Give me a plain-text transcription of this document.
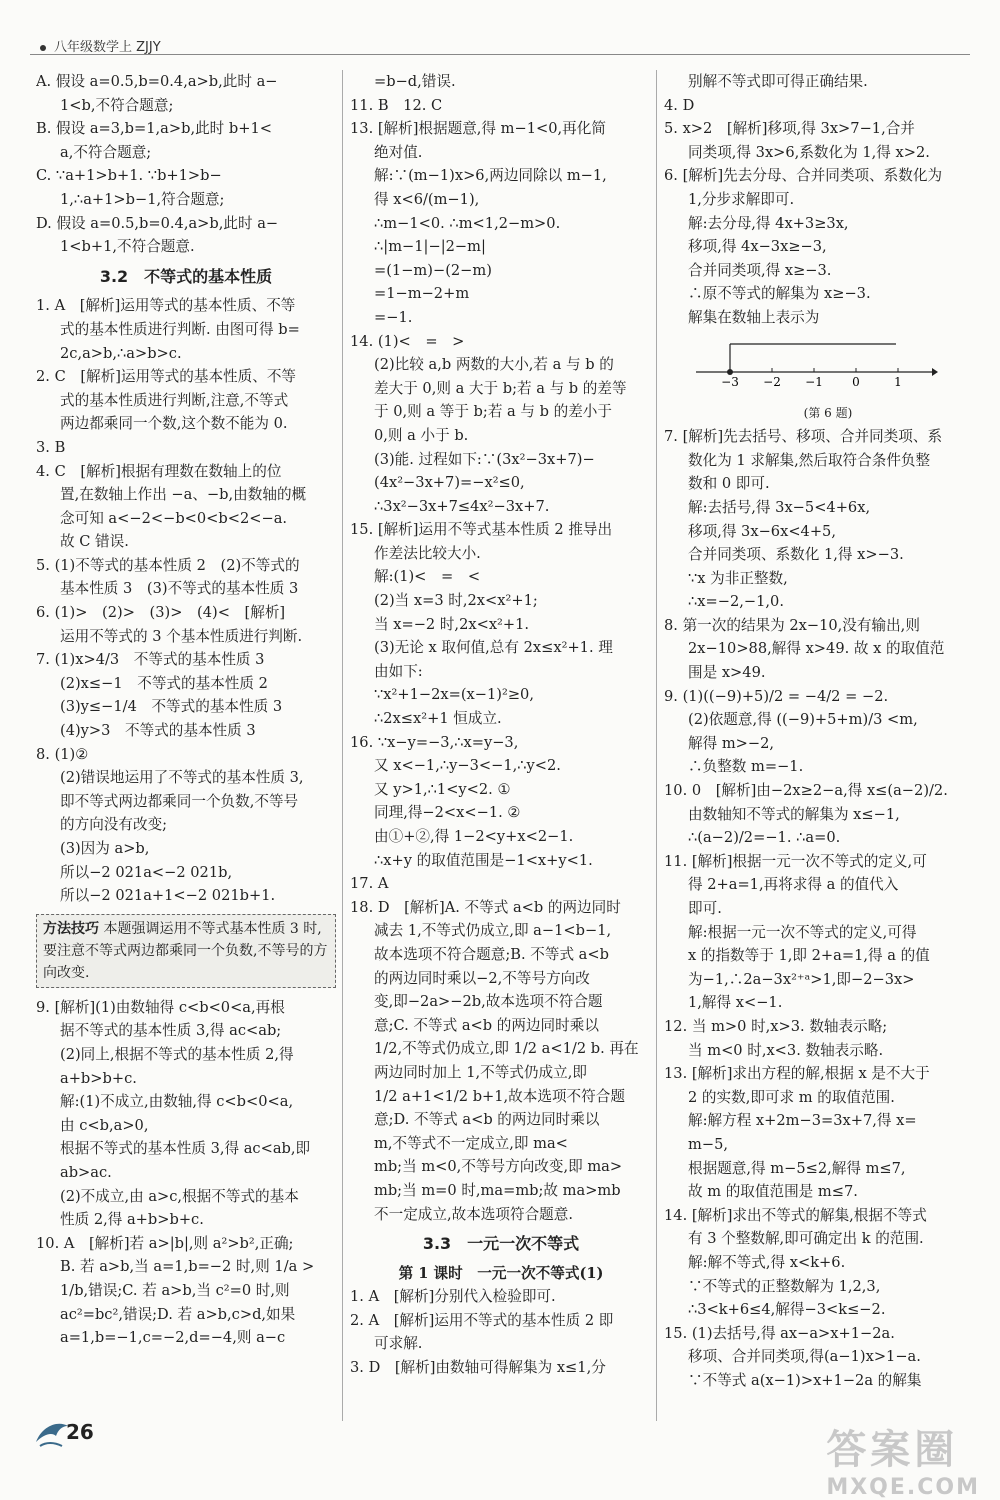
八年级数学上 ZJJY
A. 假设 a=0.5,b=0.4,a>b,此时 a−
1<b,不符合题意;
B. 假设 a=3,b=1,a>b,此时 b+1<
a,不符合题意;
C. ∵a+1>b+1. ∵b+1>b−
1,∴a+1>b−1,符合题意;
D. 假设 a=0.5,b=0.4,a>b,此时 a−
1<b+1,不符合题意.
3.2　不等式的基本性质
1. A　[解析]运用等式的基本性质、不等
式的基本性质进行判断. 由图可得 b=
2c,a>b,∴a>b>c.
2. C　[解析]运用等式的基本性质、不等
式的基本性质进行判断,注意,不等式
两边都乘同一个数,这个数不能为 0.
3. B
4. C　[解析]根据有理数在数轴上的位
置,在数轴上作出 −a、−b,由数轴的概
念可知 a<−2<−b<0<b<2<−a.
故 C 错误.
5. (1)不等式的基本性质 2　(2)不等式的
基本性质 3　(3)不等式的基本性质 3
6. (1)>　(2)>　(3)>　(4)<　[解析]
运用不等式的 3 个基本性质进行判断.
7. (1)x>4/3　不等式的基本性质 3
(2)x≤−1　不等式的基本性质 2
(3)y≤−1/4　不等式的基本性质 3
(4)y>3　不等式的基本性质 3
8. (1)②
(2)错误地运用了不等式的基本性质 3,
即不等式两边都乘同一个负数,不等号
的方向没有改变;
(3)因为 a>b,
所以−2 021a<−2 021b,
所以−2 021a+1<−2 021b+1.
方法技巧 本题强调运用不等式基本性质 3 时,要注意不等式两边都乘同一个负数,不等号的方向改变.
9. [解析](1)由数轴得 c<b<0<a,再根
据不等式的基本性质 3,得 ac<ab;
(2)同上,根据不等式的基本性质 2,得
a+b>b+c.
解:(1)不成立,由数轴,得 c<b<0<a,
由 c<b,a>0,
根据不等式的基本性质 3,得 ac<ab,即
ab>ac.
(2)不成立,由 a>c,根据不等式的基本
性质 2,得 a+b>b+c.
10. A　[解析]若 a>|b|,则 a²>b²,正确;
B. 若 a>b,当 a=1,b=−2 时,则 1/a >
1/b,错误;C. 若 a>b,当 c²=0 时,则
ac²=bc²,错误;D. 若 a>b,c>d,如果
a=1,b=−1,c=−2,d=−4,则 a−c
=b−d,错误.
11. B　12. C
13. [解析]根据题意,得 m−1<0,再化简
绝对值.
解:∵(m−1)x>6,两边同除以 m−1,
得 x<6/(m−1),
∴m−1<0. ∴m<1,2−m>0.
∴|m−1|−|2−m|
=(1−m)−(2−m)
=1−m−2+m
=−1.
14. (1)<　=　>
(2)比较 a,b 两数的大小,若 a 与 b 的
差大于 0,则 a 大于 b;若 a 与 b 的差等
于 0,则 a 等于 b;若 a 与 b 的差小于
0,则 a 小于 b.
(3)能. 过程如下:∵(3x²−3x+7)−
(4x²−3x+7)=−x²≤0,
∴3x²−3x+7≤4x²−3x+7.
15. [解析]运用不等式基本性质 2 推导出
作差法比较大小.
解:(1)<　=　<
(2)当 x=3 时,2x<x²+1;
当 x=−2 时,2x<x²+1.
(3)无论 x 取何值,总有 2x≤x²+1. 理
由如下:
∵x²+1−2x=(x−1)²≥0,
∴2x≤x²+1 恒成立.
16. ∵x−y=−3,∴x=y−3,
又 x<−1,∴y−3<−1,∴y<2.
又 y>1,∴1<y<2. ①
同理,得−2<x<−1. ②
由①+②,得 1−2<y+x<2−1.
∴x+y 的取值范围是−1<x+y<1.
17. A
18. D　[解析]A. 不等式 a<b 的两边同时
减去 1,不等式仍成立,即 a−1<b−1,
故本选项不符合题意;B. 不等式 a<b
的两边同时乘以−2,不等号方向改
变,即−2a>−2b,故本选项不符合题
意;C. 不等式 a<b 的两边同时乘以
1/2,不等式仍成立,即 1/2 a<1/2 b. 再在
两边同时加上 1,不等式仍成立,即
1/2 a+1<1/2 b+1,故本选项不符合题
意;D. 不等式 a<b 的两边同时乘以
m,不等式不一定成立,即 ma<
mb;当 m<0,不等号方向改变,即 ma>
mb;当 m=0 时,ma=mb;故 ma>mb
不一定成立,故本选项符合题意.
3.3　一元一次不等式
第 1 课时　一元一次不等式(1)
1. A　[解析]分别代入检验即可.
2. A　[解析]运用不等式的基本性质 2 即
可求解.
3. D　[解析]由数轴可得解集为 x≤1,分
别解不等式即可得正确结果.
4. D
5. x>2　[解析]移项,得 3x>7−1,合并
同类项,得 3x>6,系数化为 1,得 x>2.
6. [解析]先去分母、合并同类项、系数化为
1,分步求解即可.
解:去分母,得 4x+3≥3x,
移项,得 4x−3x≥−3,
合并同类项,得 x≥−3.
∴原不等式的解集为 x≥−3.
解集在数轴上表示为
−3 −2 −1 0	1
(第 6 题)
7. [解析]先去括号、移项、合并同类项、系
数化为 1 求解集,然后取符合条件负整
数和 0 即可.
解:去括号,得 3x−5<4+6x,
移项,得 3x−6x<4+5,
合并同类项、系数化 1,得 x>−3.
∵x 为非正整数,
∴x=−2,−1,0.
8. 第一次的结果为 2x−10,没有输出,则
2x−10>88,解得 x>49. 故 x 的取值范
围是 x>49.
9. (1)((−9)+5)/2 = −4/2 = −2.
(2)依题意,得 ((−9)+5+m)/3 <m,
解得 m>−2,
∴负整数 m=−1.
10. 0　[解析]由−2x≥2−a,得 x≤(a−2)/2.
由数轴知不等式的解集为 x≤−1,
∴(a−2)/2=−1. ∴a=0.
11. [解析]根据一元一次不等式的定义,可
得 2+a=1,再将求得 a 的值代入
即可.
解:根据一元一次不等式的定义,可得
x 的指数等于 1,即 2+a=1,得 a 的值
为−1,∴2a−3x²⁺ᵃ>1,即−2−3x>
1,解得 x<−1.
12. 当 m>0 时,x>3. 数轴表示略;
当 m<0 时,x<3. 数轴表示略.
13. [解析]求出方程的解,根据 x 是不大于
2 的实数,即可求 m 的取值范围.
解:解方程 x+2m−3=3x+7,得 x=
m−5,
根据题意,得 m−5≤2,解得 m≤7,
故 m 的取值范围是 m≤7.
14. [解析]求出不等式的解集,根据不等式
有 3 个整数解,即可确定出 k 的范围.
解:解不等式,得 x<k+6.
∵不等式的正整数解为 1,2,3,
∴3<k+6≤4,解得−3<k≤−2.
15. (1)去括号,得 ax−a>x+1−2a.
移项、合并同类项,得(a−1)x>1−a.
∵不等式 a(x−1)>x+1−2a 的解集
26	答案圈
MXQE.COM
